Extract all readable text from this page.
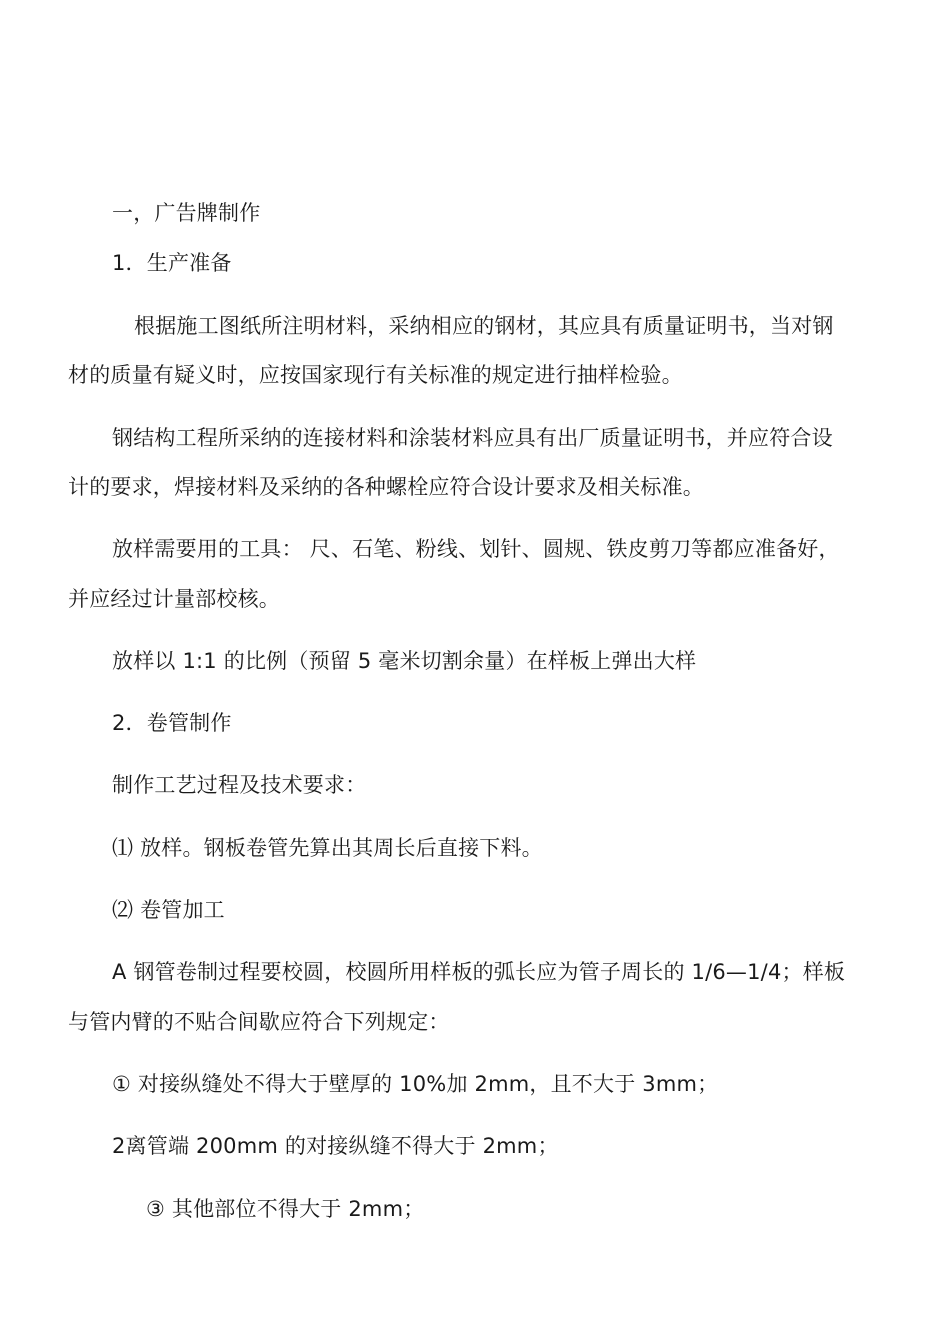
一，广告牌制作

1．生产准备

根据施工图纸所注明材料，采纳相应的钢材，其应具有质量证明书，当对钢

材的质量有疑义时，应按国家现行有关标准的规定进行抽样检验。

钢结构工程所采纳的连接材料和涂装材料应具有出厂质量证明书，并应符合设

计的要求，焊接材料及采纳的各种螺栓应符合设计要求及相关标准。

放样需要用的工具： 尺、石笔、粉线、划针、圆规、铁皮剪刀等都应准备好，

并应经过计量部校核。

放样以 1:1 的比例（预留 5 毫米切割余量）在样板上弹出大样

2．卷管制作

制作工艺过程及技术要求：

⑴ 放样。钢板卷管先算出其周长后直接下料。

⑵ 卷管加工

A 钢管卷制过程要校圆，校圆所用样板的弧长应为管子周长的 1/6—1/4；样板

与管内臂的不贴合间歇应符合下列规定：

① 对接纵缝处不得大于壁厚的 10%加 2mm，且不大于 3mm；

2离管端 200mm 的对接纵缝不得大于 2mm；

③ 其他部位不得大于 2mm；
